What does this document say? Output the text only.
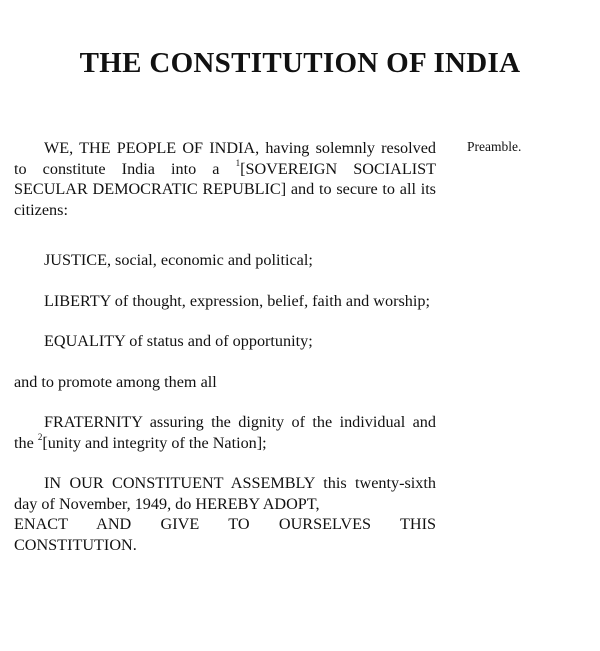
THE CONSTITUTION OF INDIA
Preamble.

WE, THE PEOPLE OF INDIA, having solemnly resolved to constitute India into a $^1$[SOVEREIGN SOCIALIST SECULAR DEMOCRATIC REPUBLIC] and to secure to all its citizens:

JUSTICE, social, economic and political;

LIBERTY of thought, expression, belief, faith and worship;

EQUALITY of status and of opportunity;

and to promote among them all

FRATERNITY assuring the dignity of the individual and the $^2$[unity and integrity of the Nation];

IN OUR CONSTITUENT ASSEMBLY this twenty-sixth day of November, 1949, do HEREBY ADOPT,

ENACT AND GIVE TO OURSELVES THIS

CONSTITUTION.
